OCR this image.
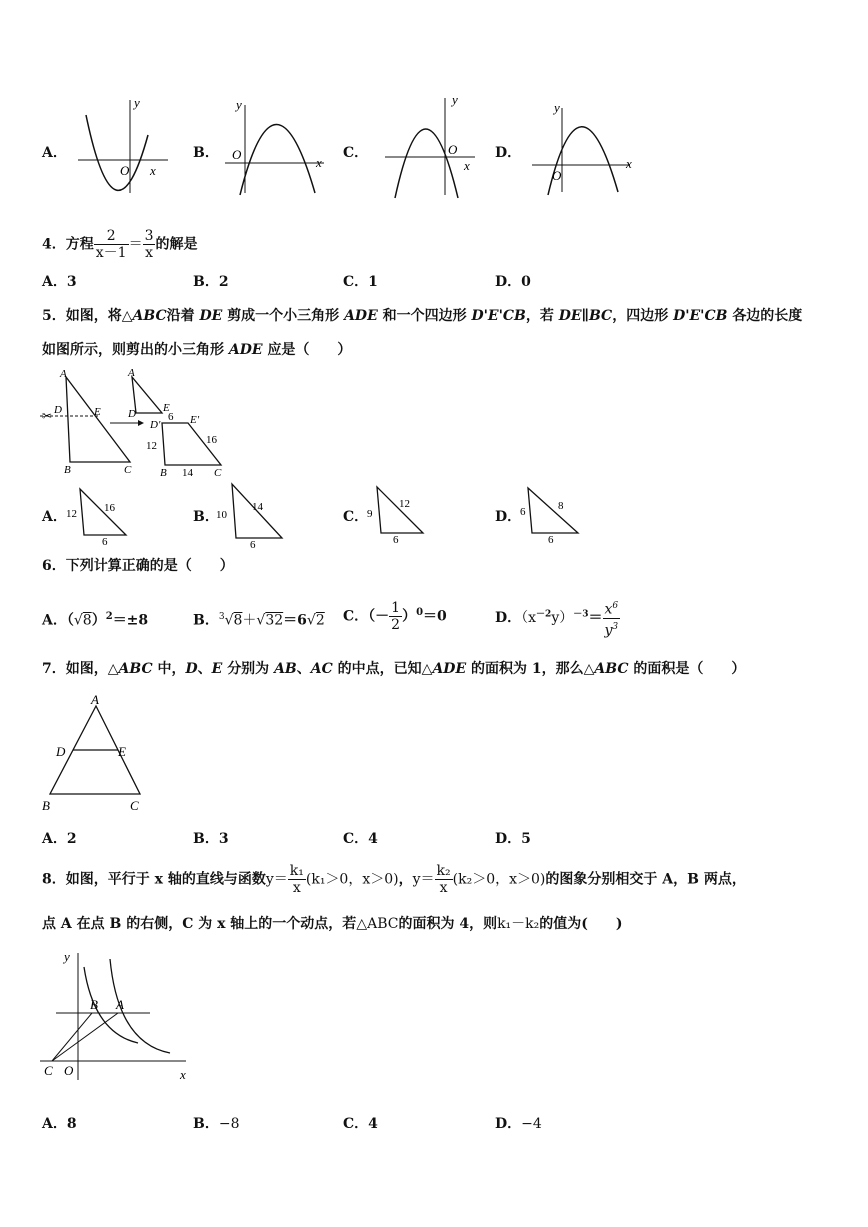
A．
y
x
O
B．
y
x
O	C．
y
x
O	D．
y
x
O
4．方程 $\frac{2}{x-1} = \frac{3}{x}$ 的解是
A．3	B．2	C．1	D．0
5．如图，将△ABC沿着 DE 剪成一个小三角形 ADE 和一个四边形 D'E'CB，若 DE∥BC，四边形 D'E'CB 各边的长度
如图所示，则剪出的小三角形 ADE 应是（　　）
✂
A
D	E
B	C
A
D E
6
D'	E'
12	16
B 14 C
A． 12 16
6
B．
10
14
6
C．
9
12
6
D．
6	8
6
6．下列计算正确的是（　　）
A．$(√8)^2=\pm 8$	B．$^3$√8＋√32＝6√2 C．（－ $\frac{1}{2} )^0=0$	D．$(x^{-2}y)^{-3}= \frac{x^6}{y^3}$
7．如图，△ABC 中，D、E 分别为 AB、AC 的中点，已知△ADE 的面积为 1，那么△ABC 的面积是（　　）
A
D	E
B	C
A．2	B．3	C．4	D．5
8．如图，平行于 x 轴的直线与函数$y= \frac{\text{k₁}}{x} (k_1>0$，x＞0)，$y= \frac{\text{k₂}}{x} (k_2>0$，x＞0)的图象分别相交于 A，B 两点，
点 A 在点 B 的右侧，C 为 x 轴上的一个动点，若△ABC的面积为 4，则k₁－k₂的值为(　　)
y
x
B A
C O
A．8	B．−8	C．4	D．−4
